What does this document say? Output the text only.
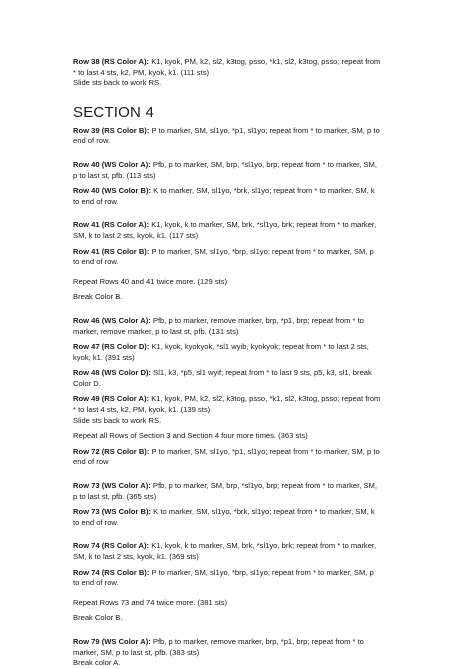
Row 38 (RS Color A): K1, kyok, PM, k2, sl2, k3tog, psso, *k1, sl2, k3tog, psso; repeat from * to last 4 sts, k2, PM, kyok, k1. (111 sts)

Slide sts back to work RS.

SECTION 4

Row 39 (RS Color B): P to marker, SM, sl1yo, *p1, sl1yo; repeat from * to marker, SM, p to end of row.

Row 40 (WS Color A): Pfb, p to marker, SM, brp, *sl1yo, brp; repeat from * to marker, SM, p to last st, pfb. (113 sts)

Row 40 (WS Color B): K to marker, SM, sl1yo, *brk, sl1yo; repeat from * to marker, SM, k to end of row.

Row 41 (RS Color A): K1, kyok, k to marker, SM, brk, *sl1yo, brk; repeat from * to marker, SM, k to last 2 sts, kyok, k1. (117 sts)

Row 41 (RS Color B): P to marker, SM, sl1yo, *brp, sl1yo; repeat from * to marker, SM, p to end of row.

Repeat Rows 40 and 41 twice more. (129 sts)

Break Color B.

Row 46 (WS Color A): Pfb, p to marker, remove marker, brp, *p1, brp; repeat from * to marker, remove marker, p to last st, pfb. (131 sts)

Row 47 (RS Color D): K1, kyok, kyokyok, *sl1 wyib, kyokyok; repeat from * to last 2 sts, kyok, k1. (391 sts)

Row 48 (WS Color D): Sl1, k3, *p5, sl1 wyif; repeat from * to last 9 sts, p5, k3, sl1, break Color D.

Row 49 (RS Color A): K1, kyok, PM, k2, sl2, k3tog, psso, *k1, sl2, k3tog, psso; repeat from * to last 4 sts, k2, PM, kyok, k1. (139 sts)

Slide sts back to work RS.

Repeat all Rows of Section 3 and Section 4 four more times. (363 sts)

Row 72 (RS Color B): P to marker, SM, sl1yo, *p1, sl1yo; repeat from * to marker, SM, p to end of row

Row 73 (WS Color A): Pfb, p to marker, SM, brp, *sl1yo, brp; repeat from * to marker, SM, p to last st, pfb. (365 sts)

Row 73 (WS Color B): K to marker, SM, sl1yo, *brk, sl1yo; repeat from * to marker, SM, k to end of row.

Row 74 (RS Color A): K1, kyok, k to marker, SM, brk, *sl1yo, brk; repeat from * to marker, SM, k to last 2 sts, kyok, k1. (369 sts)

Row 74 (RS Color B): P to marker, SM, sl1yo, *brp, sl1yo; repeat from * to marker, SM, p to end of row.

Repeat Rows 73 and 74 twice more. (381 sts)

Break Color B.

Row 79 (WS Color A): Pfb, p to marker, remove marker, brp, *p1, brp; repeat from * to marker, SM, p to last st, pfb. (383 sts)

Break color A.
